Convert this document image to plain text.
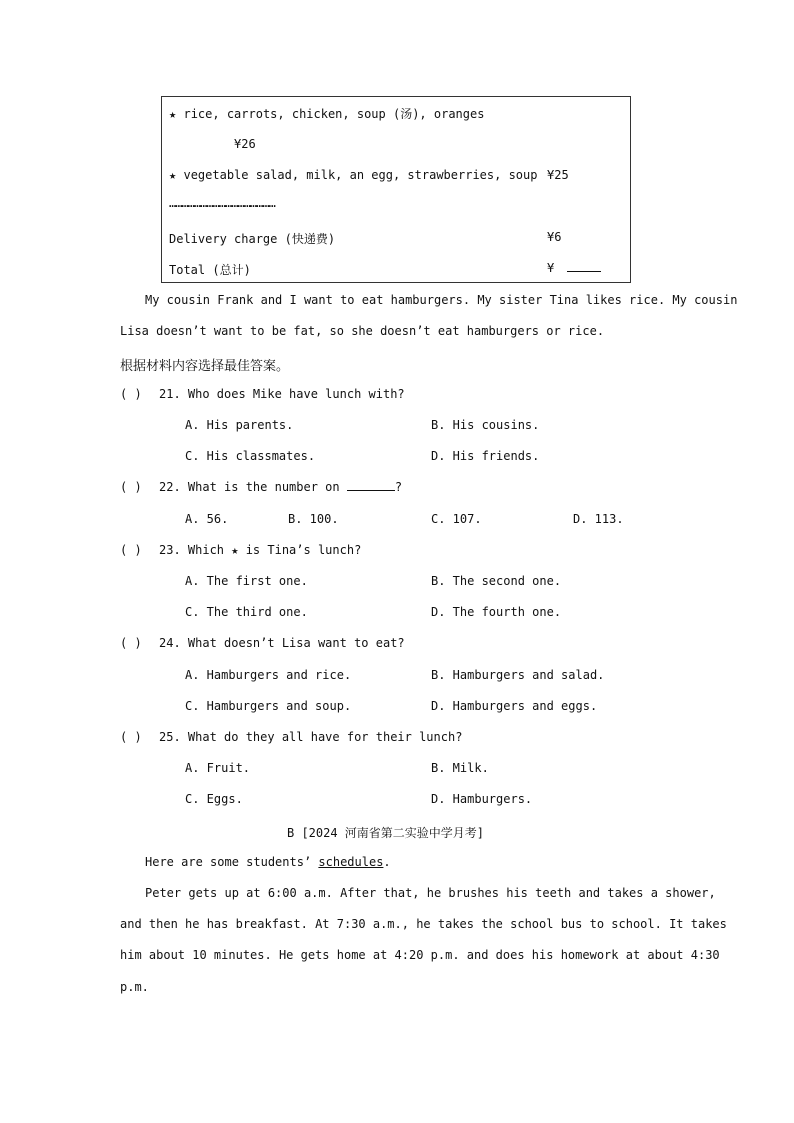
★ rice, carrots, chicken, soup (汤), oranges
¥26
★ vegetable salad, milk, an egg, strawberries, soup ¥25
……………………………………………
Delivery charge (快递费)	¥6
Total (总计)	¥
My cousin Frank and I want to eat hamburgers. My sister Tina likes rice. My cousin
Lisa doesn’t want to be fat, so she doesn’t eat hamburgers or rice.
根据材料内容选择最佳答案。
( ) 21. Who does Mike have lunch with?
A. His parents.	B. His cousins.
C. His classmates.	D. His friends.
( ) 22. What is the number on	?
A. 56.	B. 100.	C. 107.	D. 113.
( ) 23. Which ★ is Tina’s lunch?
A. The first one.	B. The second one.
C. The third one.	D. The fourth one.
( ) 24. What doesn’t Lisa want to eat?
A. Hamburgers and rice.	B. Hamburgers and salad.
C. Hamburgers and soup.	D. Hamburgers and eggs.
( ) 25. What do they all have for their lunch?
A. Fruit.	B. Milk.
C. Eggs.	D. Hamburgers.
B [2024 河南省第二实验中学月考]
Here are some students’ schedules.
Peter gets up at 6:00 a.m. After that, he brushes his teeth and takes a shower,
and then he has breakfast. At 7:30 a.m., he takes the school bus to school. It takes
him about 10 minutes. He gets home at 4:20 p.m. and does his homework at about 4:30
p.m.
